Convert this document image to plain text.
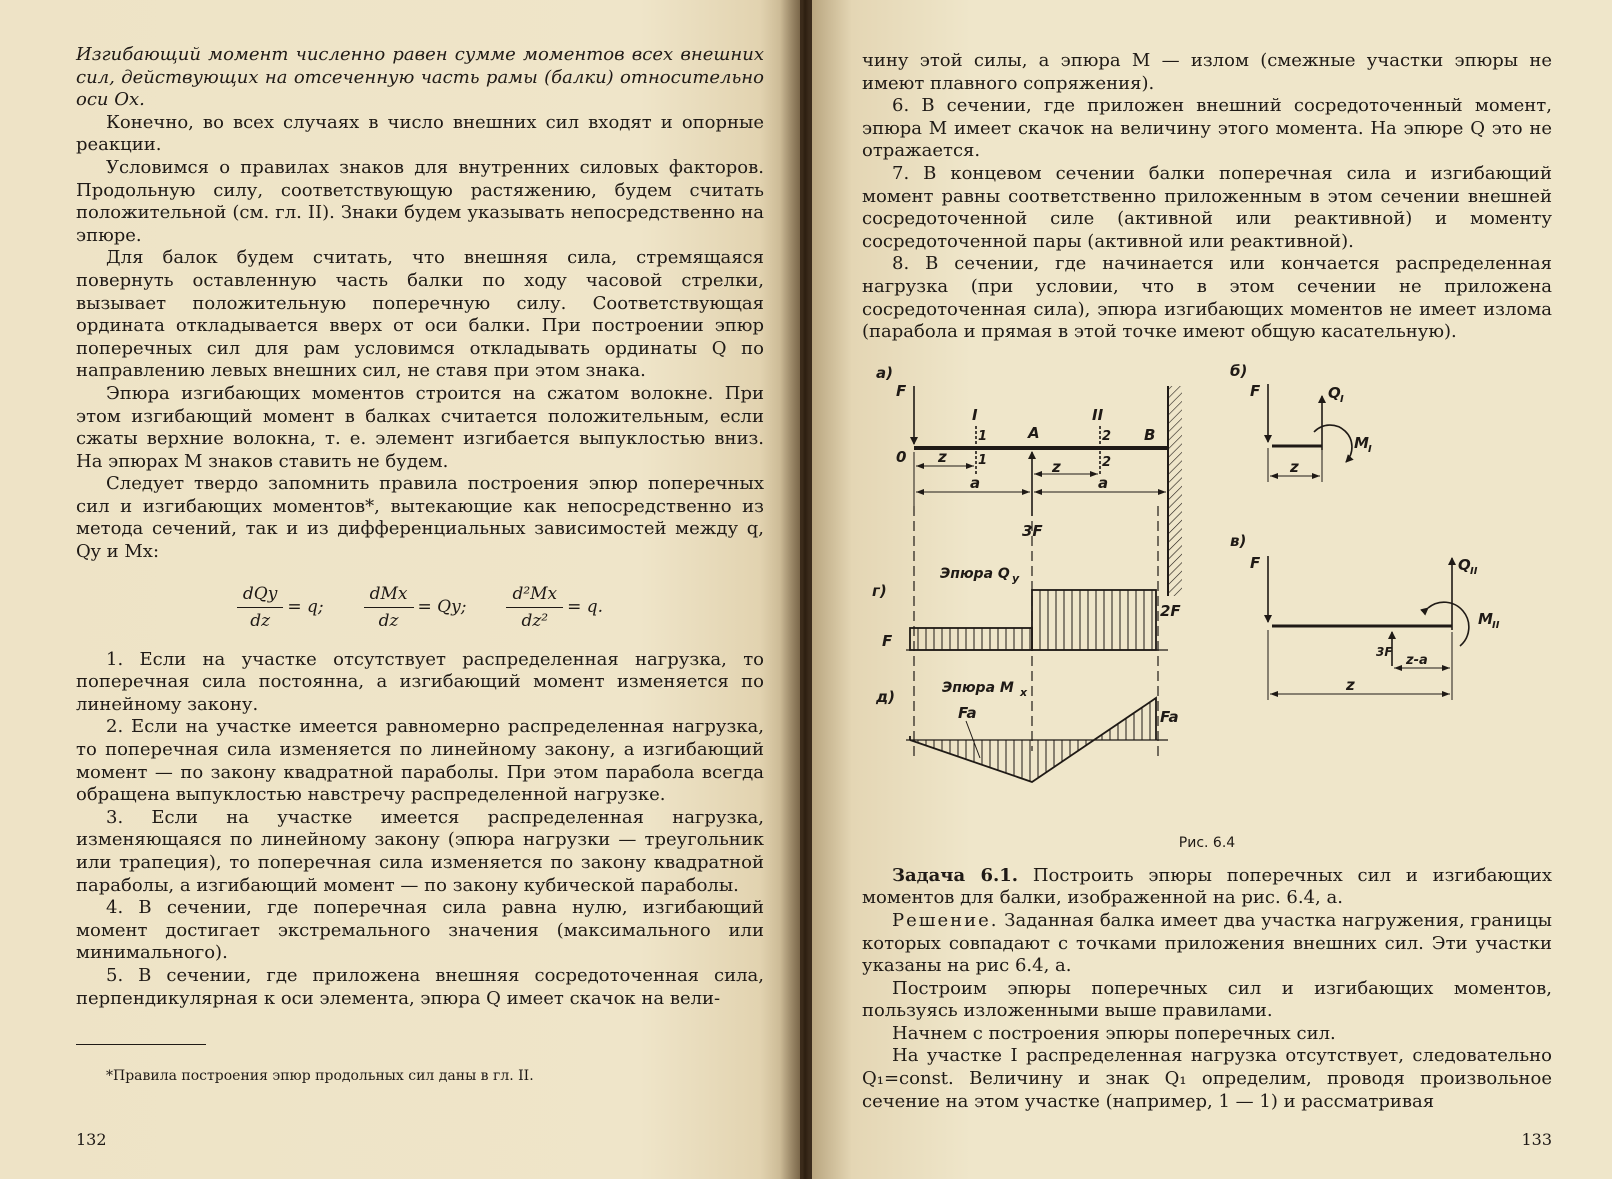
Изгибающий момент численно равен сумме моментов всех внешних сил, действующих на отсеченную часть рамы (балки) относительно оси Ox.

Конечно, во всех случаях в число внешних сил входят и опорные реакции.

Условимся о правилах знаков для внутренних силовых факторов. Продольную силу, соответствующую растяжению, будем считать положительной (см. гл. II). Знаки будем указывать непосредственно на эпюре.

Для балок будем считать, что внешняя сила, стремящаяся повернуть оставленную часть балки по ходу часовой стрелки, вызывает положительную поперечную силу. Соответствующая ордината откладывается вверх от оси балки. При построении эпюр поперечных сил для рам условимся откладывать ординаты Q по направлению левых внешних сил, не ставя при этом знака.

Эпюра изгибающих моментов строится на сжатом волокне. При этом изгибающий момент в балках считается положительным, если сжаты верхние волокна, т. е. элемент изгибается выпуклостью вниз. На эпюрах M знаков ставить не будем.

Следует твердо запомнить правила построения эпюр поперечных сил и изгибающих моментов*, вытекающие как непосредственно из метода сечений, так и из дифференциальных зависимостей между q, Qy и Mx:

$\frac{\text{dQy}}{dz} = q$; $\frac{\text{dMx}}{dz} = Qy$; $\frac{\text{d²Mx}}{\text{dz²}} = q$.

1. Если на участке отсутствует распределенная нагрузка, то поперечная сила постоянна, а изгибающий момент изменяется по линейному закону.

2. Если на участке имеется равномерно распределенная нагрузка, то поперечная сила изменяется по линейному закону, а изгибающий момент — по закону квадратной параболы. При этом парабола всегда обращена выпуклостью навстречу распределенной нагрузке.

3. Если на участке имеется распределенная нагрузка, изменяющаяся по линейному закону (эпюра нагрузки — треугольник или трапеция), то поперечная сила изменяется по закону квадратной параболы, а изгибающий момент — по закону кубической параболы.

4. В сечении, где поперечная сила равна нулю, изгибающий момент достигает экстремального значения (максимального или минимального).

5. В сечении, где приложена внешняя сосредоточенная сила, перпендикулярная к оси элемента, эпюра Q имеет скачок на вели-

*Правила построения эпюр продольных сил даны в гл. II.

132

чину этой силы, а эпюра M — излом (смежные участки эпюры не имеют плавного сопряжения).

6. В сечении, где приложен внешний сосредоточенный момент, эпюра M имеет скачок на величину этого момента. На эпюре Q это не отражается.

7. В концевом сечении балки поперечная сила и изгибающий момент равны соответственно приложенным в этом сечении внешней сосредоточенной силе (активной или реактивной) и моменту сосредоточенной пары (активной или реактивной).

8. В сечении, где начинается или кончается распределенная нагрузка (при условии, что в этом сечении не приложена сосредоточенная сила), эпюра изгибающих моментов не имеет излома (парабола и прямая в этой точке имеют общую касательную).

а)
F
0
I
1
1
A
II
2
2
B
z
z
a	a
3F
Эпюра Q y
г)
2F
F
Эпюра M x
д)
Fa	Fa
б)
F	Q I
M I
z
в)
F	Q II
M II
3F
z-a
z
Рис. 6.4

Задача 6.1. Построить эпюры поперечных сил и изгибающих моментов для балки, изображенной на рис. 6.4, а.

Решение. Заданная балка имеет два участка нагружения, границы которых совпадают с точками приложения внешних сил. Эти участки указаны на рис 6.4, а.

Построим эпюры поперечных сил и изгибающих моментов, пользуясь изложенными выше правилами.

Начнем с построения эпюры поперечных сил.

На участке I распределенная нагрузка отсутствует, следовательно Q₁=const. Величину и знак Q₁ определим, проводя произвольное сечение на этом участке (например, 1 — 1) и рассматривая

133
